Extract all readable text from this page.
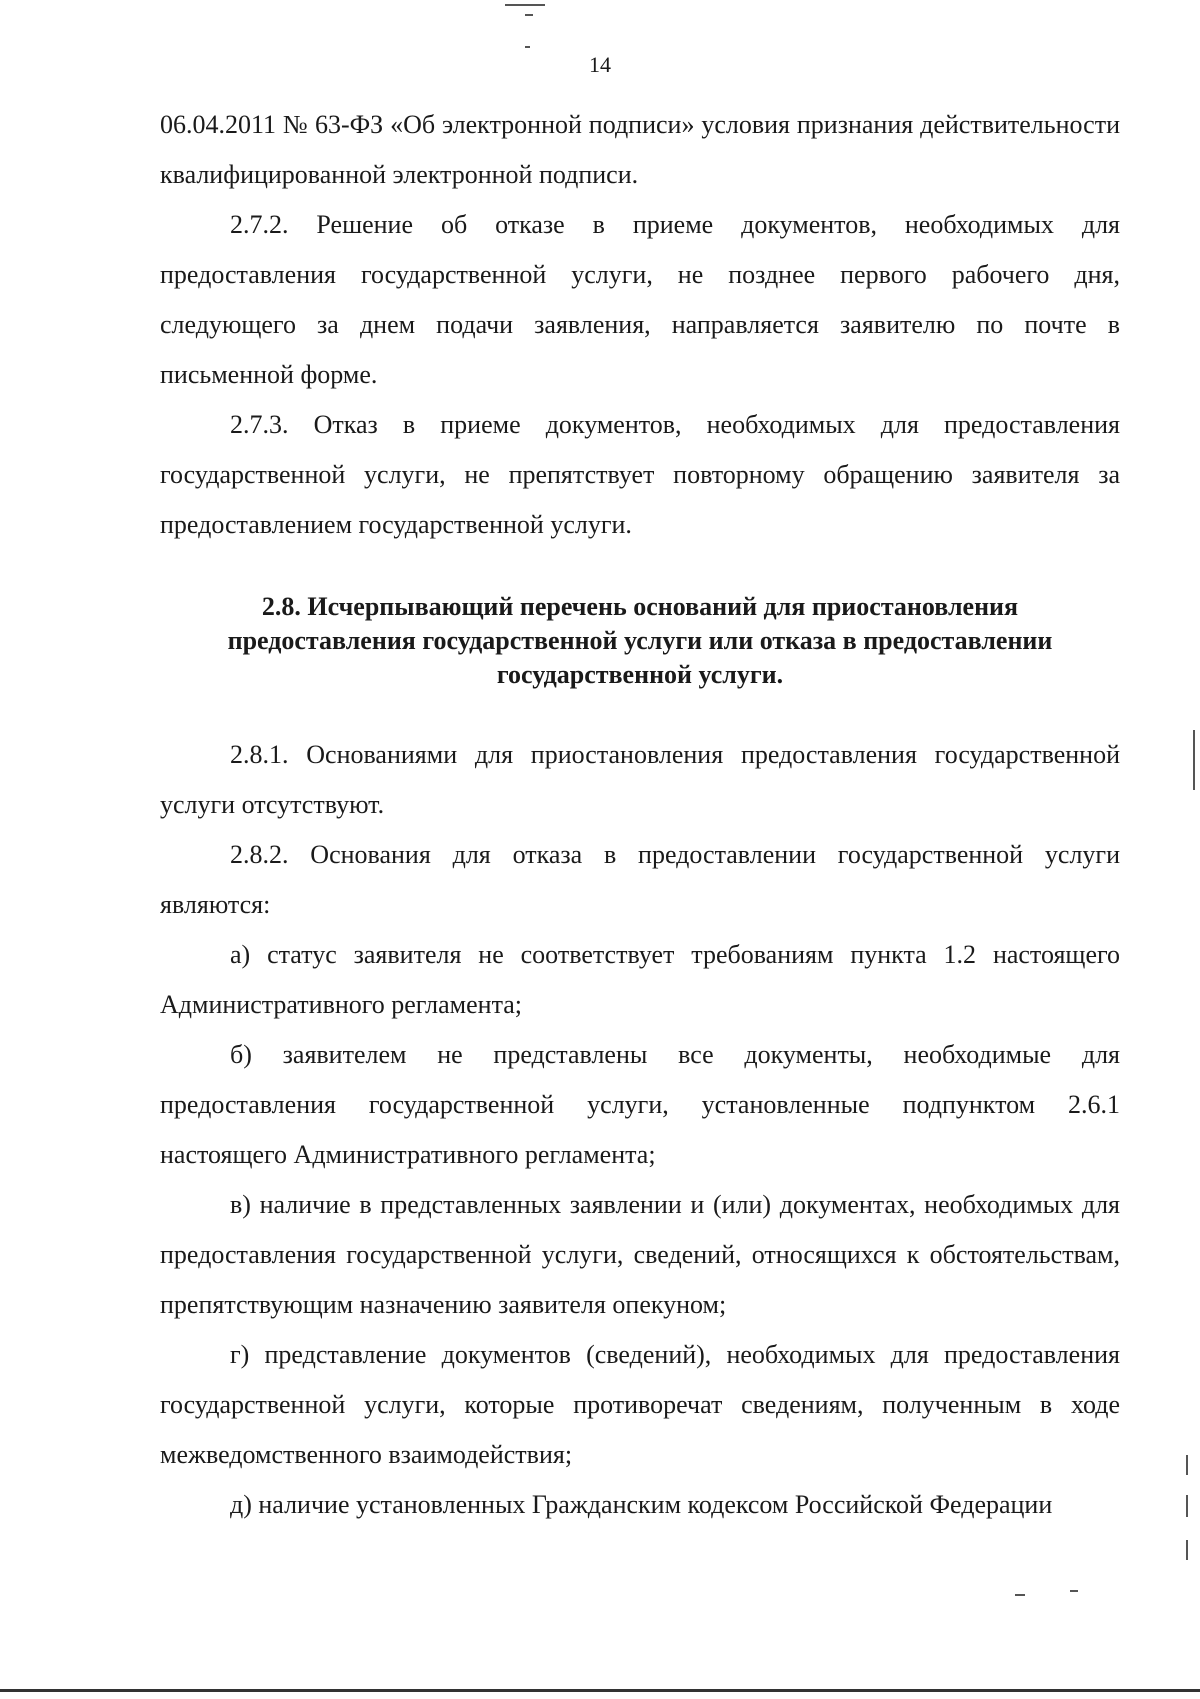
14

06.04.2011 № 63-ФЗ «Об электронной подписи» условия признания действительности квалифицированной электронной подписи.

2.7.2. Решение об отказе в приеме документов, необходимых для предоставления государственной услуги, не позднее первого рабочего дня, следующего за днем подачи заявления, направляется заявителю по почте в письменной форме.

2.7.3. Отказ в приеме документов, необходимых для предоставления государственной услуги, не препятствует повторному обращению заявителя за предоставлением государственной услуги.

2.8. Исчерпывающий перечень оснований для приостановления

предоставления государственной услуги или отказа в предоставлении

государственной услуги.

2.8.1. Основаниями для приостановления предоставления государственной услуги отсутствуют.

2.8.2. Основания для отказа в предоставлении государственной услуги являются:

а) статус заявителя не соответствует требованиям пункта 1.2 настоящего Административного регламента;

б) заявителем не представлены все документы, необходимые для предоставления государственной услуги, установленные подпунктом 2.6.1 настоящего Административного регламента;

в) наличие в представленных заявлении и (или) документах, необходимых для предоставления государственной услуги, сведений, относящихся к обстоятельствам, препятствующим назначению заявителя опекуном;

г) представление документов (сведений), необходимых для предоставления государственной услуги, которые противоречат сведениям, полученным в ходе межведомственного взаимодействия;

д) наличие установленных Гражданским кодексом Российской Федерации
